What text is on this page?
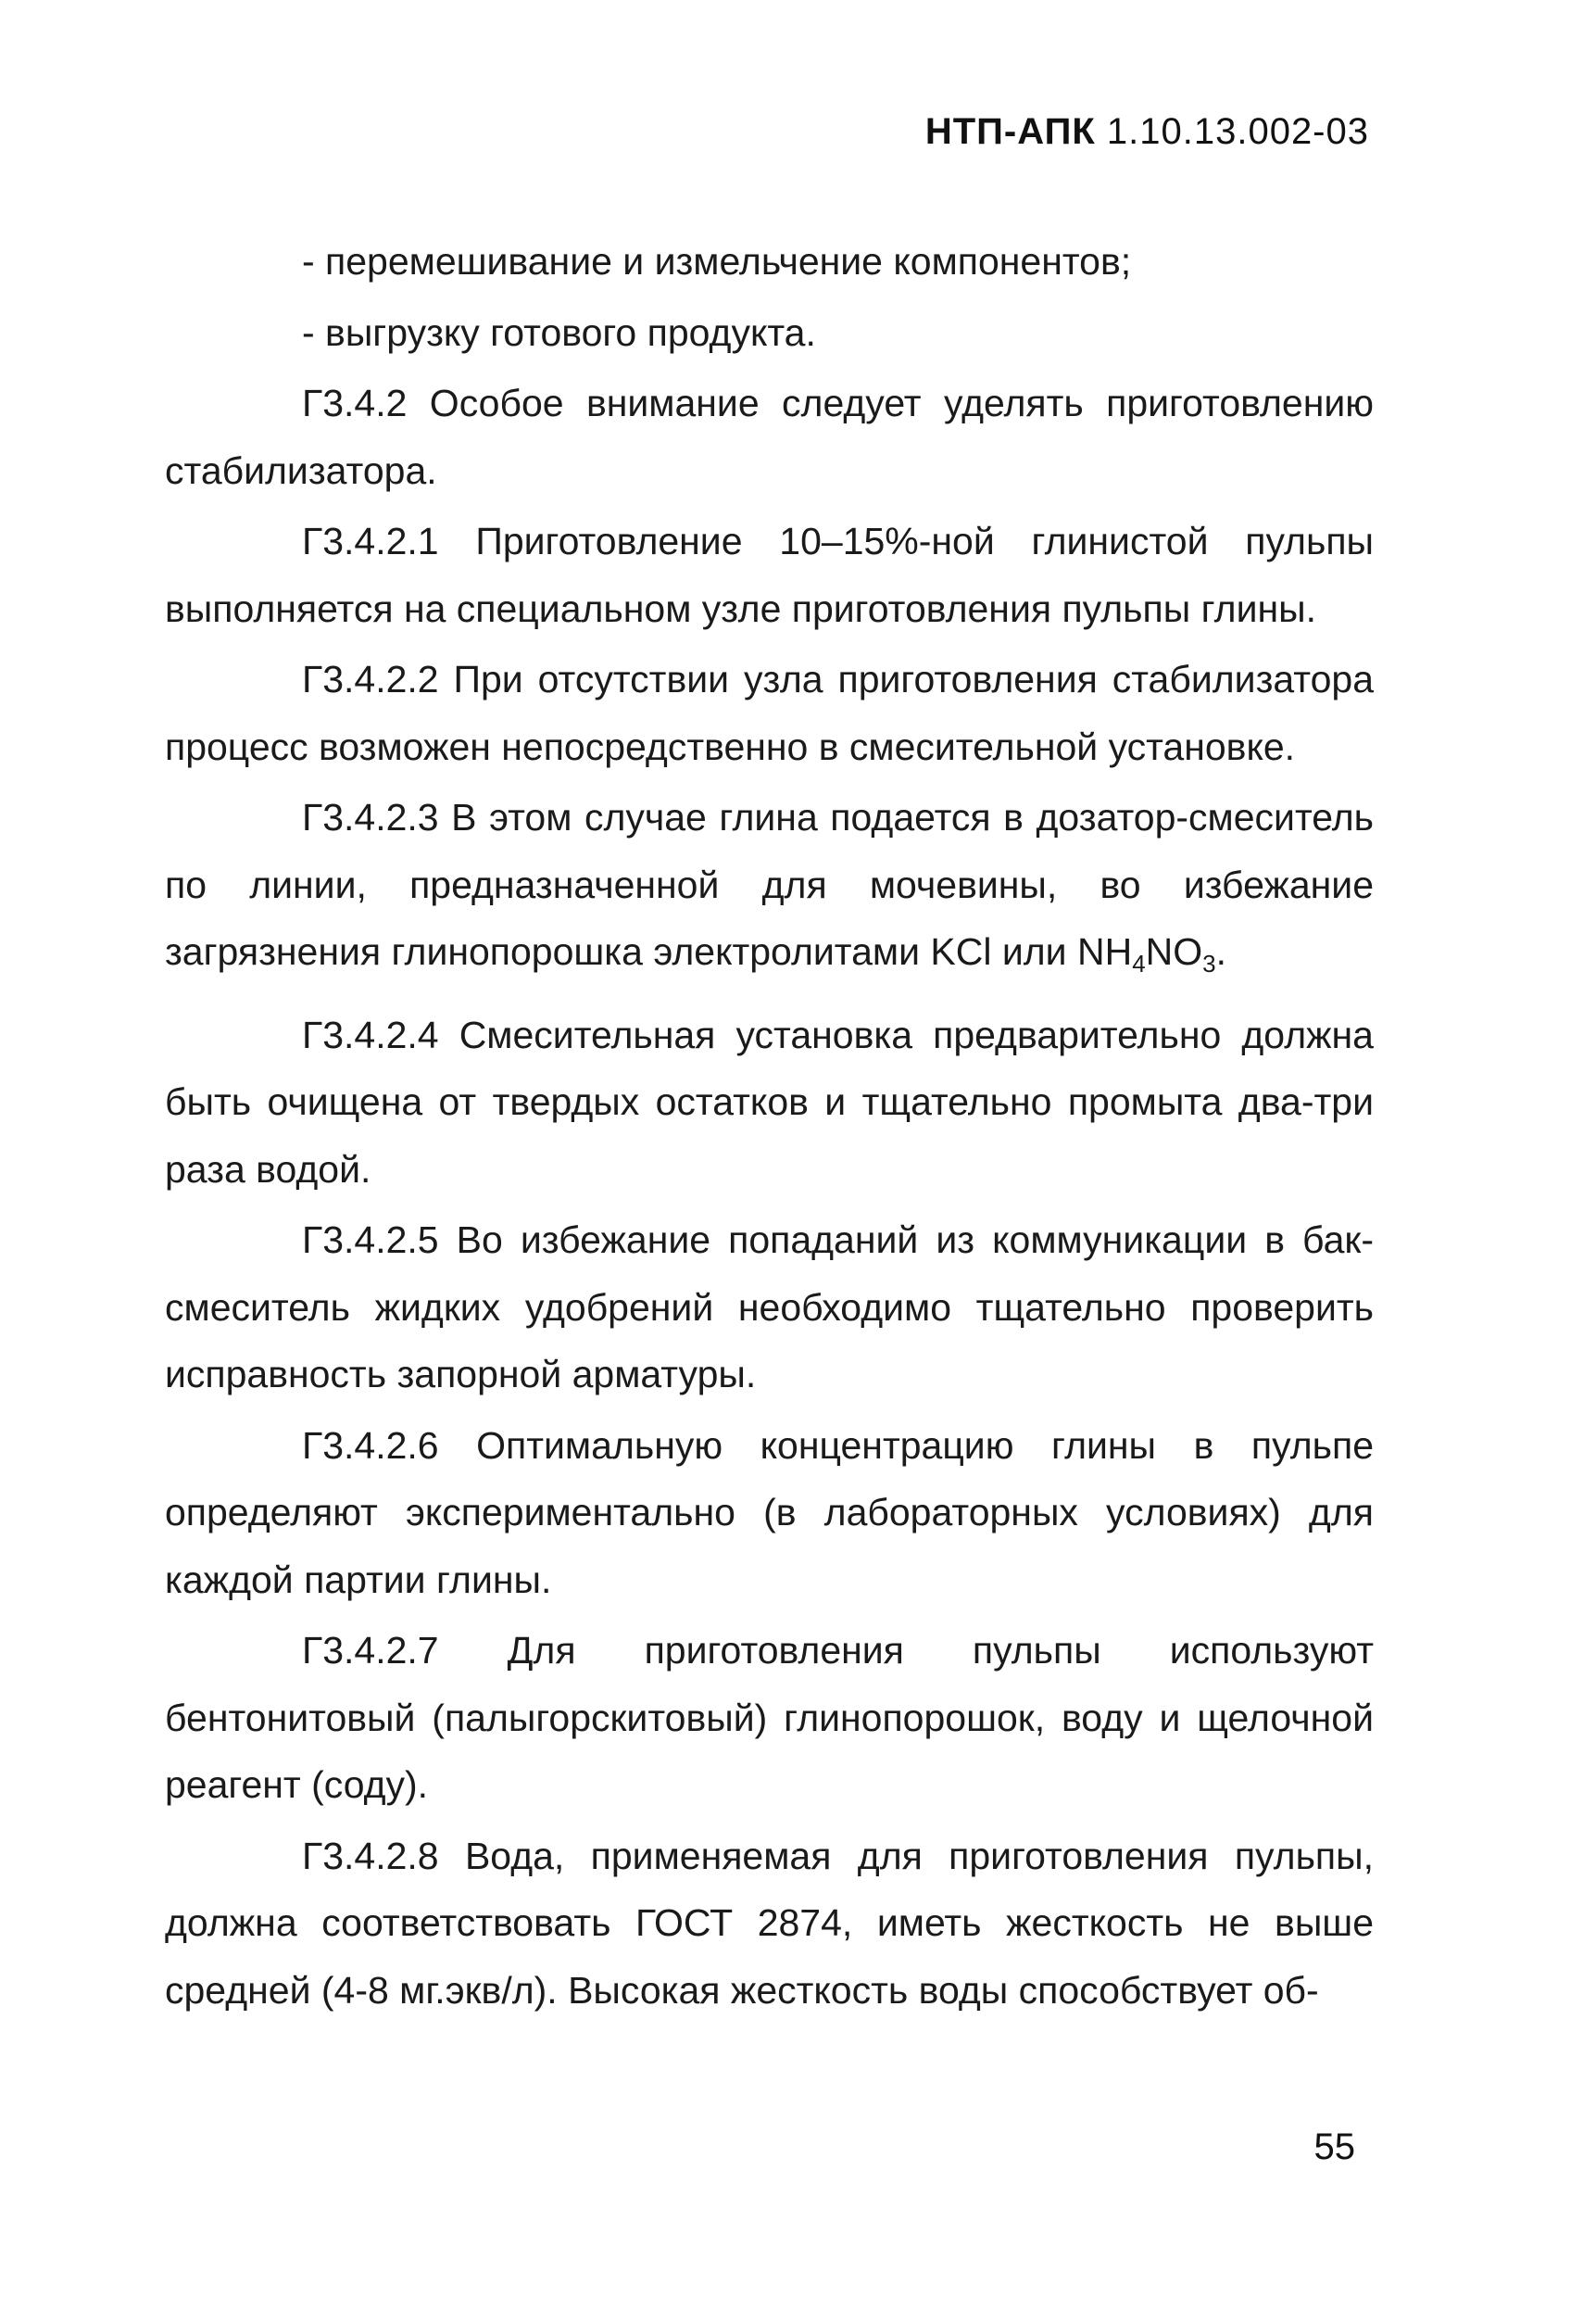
НТП-АПК 1.10.13.002-03

- перемешивание и измельчение компонентов;

- выгрузку готового продукта.

Г3.4.2 Особое внимание следует уделять приготовлению стабилизатора.

Г3.4.2.1 Приготовление 10–15%-ной глинистой пульпы выполняется на специальном узле приготовления пульпы глины.

Г3.4.2.2 При отсутствии узла приготовления стабилизатора процесс возможен непосредственно в смесительной установке.

Г3.4.2.3 В этом случае глина подается в дозатор-смеситель по линии, предназначенной для мочевины, во избежание загрязнения глинопорошка электролитами KCl или $NH_4NO_3$.

Г3.4.2.4 Смесительная установка предварительно должна быть очищена от твердых остатков и тщательно промыта два-три раза водой.

Г3.4.2.5 Во избежание попаданий из коммуникации в бак-смеситель жидких удобрений необходимо тщательно проверить исправность запорной арматуры.

Г3.4.2.6 Оптимальную концентрацию глины в пульпе определяют экспериментально (в лабораторных условиях) для каждой партии глины.

Г3.4.2.7 Для приготовления пульпы используют бентонитовый (палыгорскитовый) глинопорошок, воду и щелочной реагент (соду).

Г3.4.2.8 Вода, применяемая для приготовления пульпы, должна соответствовать ГОСТ 2874, иметь жесткость не выше средней (4-8 мг.экв/л). Высокая жесткость воды способствует об-

55
